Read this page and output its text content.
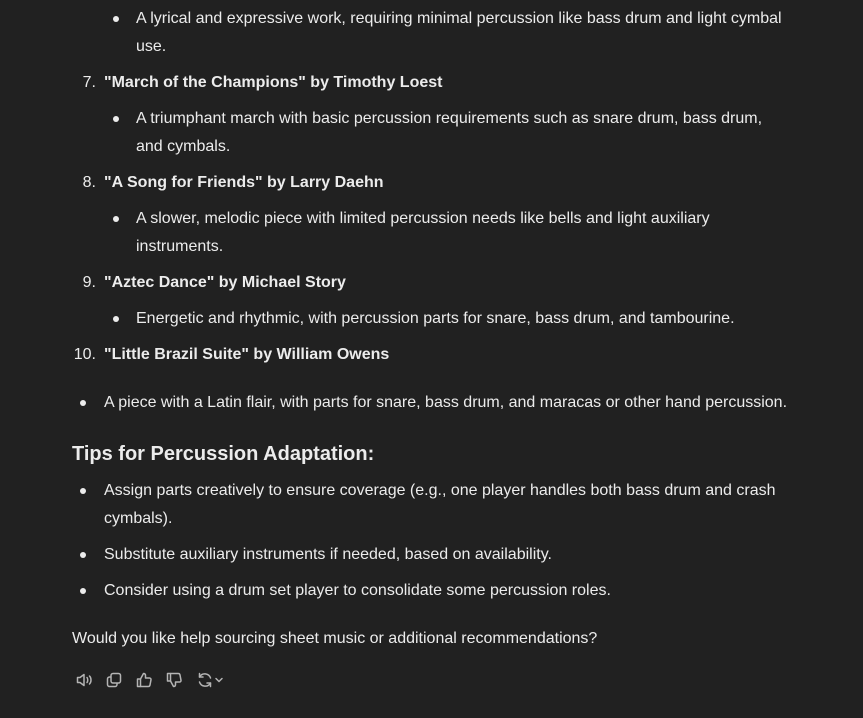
A lyrical and expressive work, requiring minimal percussion like bass drum and light cymbal
use.
7. "March of the Champions" by Timothy Loest
A triumphant march with basic percussion requirements such as snare drum, bass drum,
and cymbals.
8. "A Song for Friends" by Larry Daehn
A slower, melodic piece with limited percussion needs like bells and light auxiliary
instruments.
9. "Aztec Dance" by Michael Story
Energetic and rhythmic, with percussion parts for snare, bass drum, and tambourine.
10. "Little Brazil Suite" by William Owens
A piece with a Latin flair, with parts for snare, bass drum, and maracas or other hand percussion.
Tips for Percussion Adaptation:
Assign parts creatively to ensure coverage (e.g., one player handles both bass drum and crash
cymbals).
Substitute auxiliary instruments if needed, based on availability.
Consider using a drum set player to consolidate some percussion roles.
Would you like help sourcing sheet music or additional recommendations?
